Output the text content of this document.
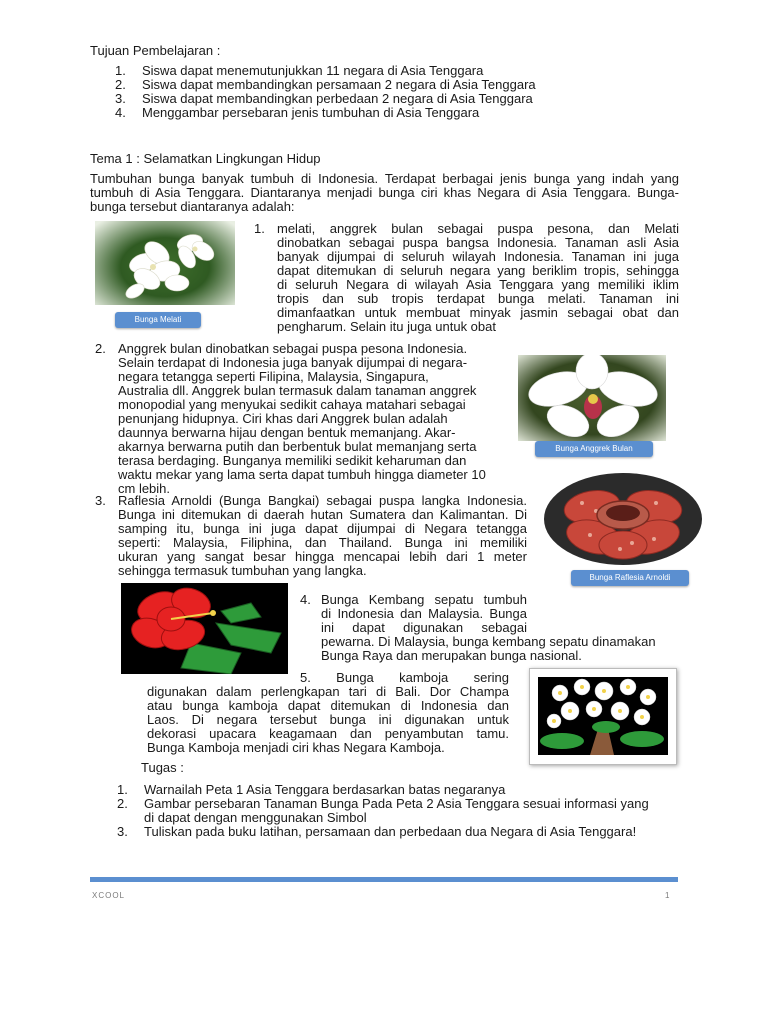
Tujuan Pembelajaran :

1. Siswa dapat menemutunjukkan 11 negara di Asia Tenggara
2. Siswa dapat membandingkan persamaan 2 negara di Asia Tenggara
3. Siswa dapat membandingkan perbedaan 2 negara di Asia Tenggara
4. Menggambar persebaran jenis tumbuhan di Asia Tenggara

Tema 1 : Selamatkan Lingkungan Hidup

Tumbuhan bunga banyak tumbuh di Indonesia. Terdapat berbagai jenis bunga yang indah yang
tumbuh di Asia Tenggara. Diantaranya menjadi bunga ciri khas Negara di Asia Tenggara. Bunga-
bunga tersebut diantaranya adalah:
Bunga Melati
1. melati, anggrek bulan sebagai puspa pesona, dan Melati
dinobatkan sebagai puspa bangsa Indonesia. Tanaman asli Asia
banyak dijumpai di seluruh wilayah Indonesia. Tanaman ini juga
dapat ditemukan di seluruh negara yang beriklim tropis, sehingga
di seluruh Negara di wilayah Asia Tenggara yang memiliki iklim
tropis dan sub tropis terdapat bunga melati. Tanaman ini
dimanfaatkan untuk membuat minyak jasmin sebagai obat dan
pengharum. Selain itu juga untuk obat
2. Anggrek bulan dinobatkan sebagai puspa pesona Indonesia.
Selain terdapat di Indonesia juga banyak dijumpai di negara-
negara tetangga seperti Filipina, Malaysia, Singapura,
Australia dll. Anggrek bulan termasuk dalam tanaman anggrek
monopodial yang menyukai sedikit cahaya matahari sebagai
penunjang hidupnya. Ciri khas dari Anggrek bulan adalah
daunnya berwarna hijau dengan bentuk memanjang. Akar-
akarnya berwarna putih dan berbentuk bulat memanjang serta
terasa berdaging. Bunganya memiliki sedikit keharuman dan
waktu mekar yang lama serta dapat tumbuh hingga diameter 10
cm lebih.
Bunga Anggrek Bulan
3. Raflesia Arnoldi (Bunga Bangkai) sebagai puspa langka Indonesia.
Bunga ini ditemukan di daerah hutan Sumatera dan Kalimantan. Di
samping itu, bunga ini juga dapat dijumpai di Negara tetangga
seperti: Malaysia, Filiphina, dan Thailand. Bunga ini memiliki
ukuran yang sangat besar hingga mencapai lebih dari 1 meter
sehingga termasuk tumbuhan yang langka.	Bunga Raflesia Arnoldi
4. Bunga Kembang sepatu tumbuh
di Indonesia dan Malaysia. Bunga
ini dapat digunakan sebagai
pewarna. Di Malaysia, bunga kembang sepatu dinamakan
Bunga Raya dan merupakan bunga nasional.
5. Bunga kamboja sering
digunakan dalam perlengkapan tari di Bali. Dor Champa
atau bunga kamboja dapat ditemukan di Indonesia dan
Laos. Di negara tersebut bunga ini digunakan untuk
dekorasi upacara keagamaan dan penyambutan tamu.
Bunga Kamboja menjadi ciri khas Negara Kamboja.

Tugas :

1. Warnailah Peta 1 Asia Tenggara berdasarkan batas negaranya
2. Gambar persebaran Tanaman Bunga Pada Peta 2 Asia Tenggara sesuai informasi yang
di dapat dengan menggunakan Simbol
3. Tuliskan pada buku latihan, persamaan dan perbedaan dua Negara di Asia Tenggara!
XCOOL	1
